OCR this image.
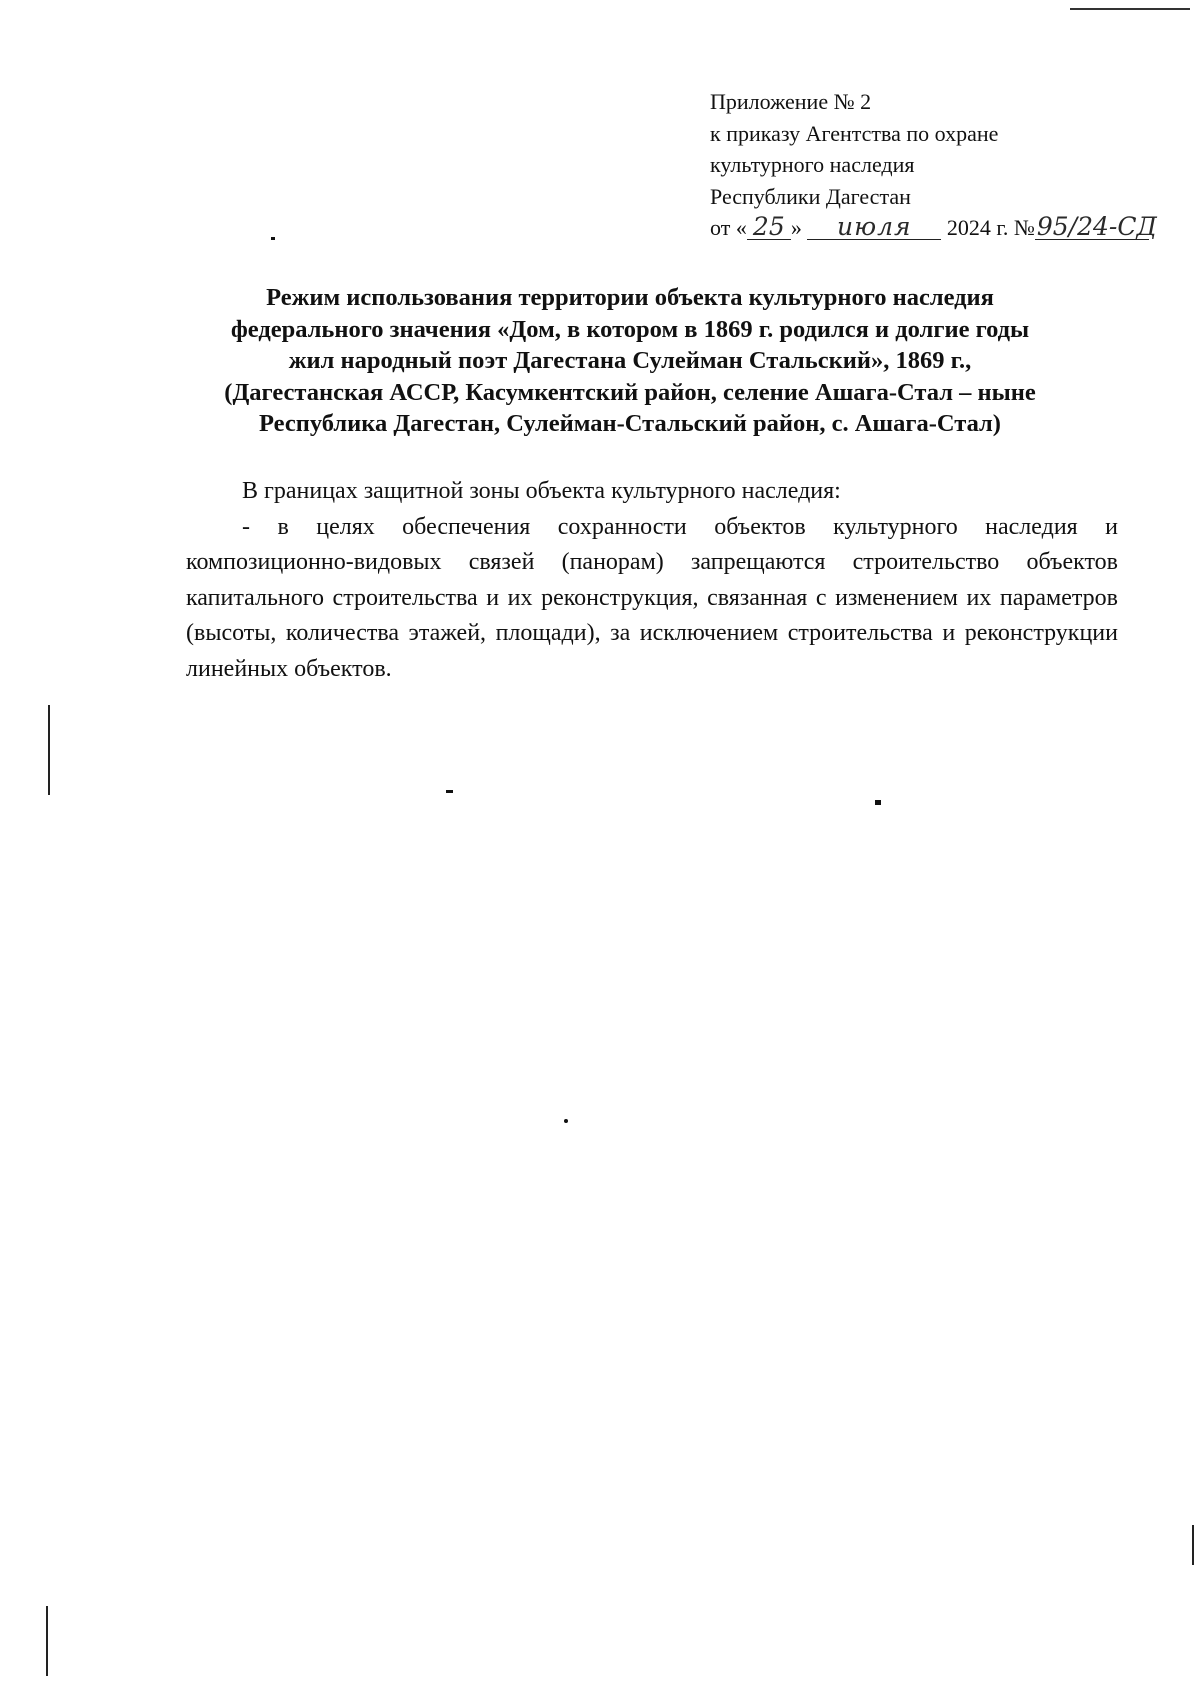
Приложение № 2
к приказу Агентства по охране
культурного наследия
Республики Дагестан
от « 25 » июля 2024 г. №95/24-СД
Режим использования территории объекта культурного наследия
федерального значения «Дом, в котором в 1869 г. родился и долгие годы
жил народный поэт Дагестана Сулейман Стальский», 1869 г.,
(Дагестанская АССР, Касумкентский район, селение Ашага-Стал – ныне
Республика Дагестан, Сулейман-Стальский район, с. Ашага-Стал)
В границах защитной зоны объекта культурного наследия:
- в целях обеспечения сохранности объектов культурного наследия и композиционно-видовых связей (панорам) запрещаются строительство объектов капитального строительства и их реконструкция, связанная с изменением их параметров (высоты, количества этажей, площади), за исключением строительства и реконструкции линейных объектов.
